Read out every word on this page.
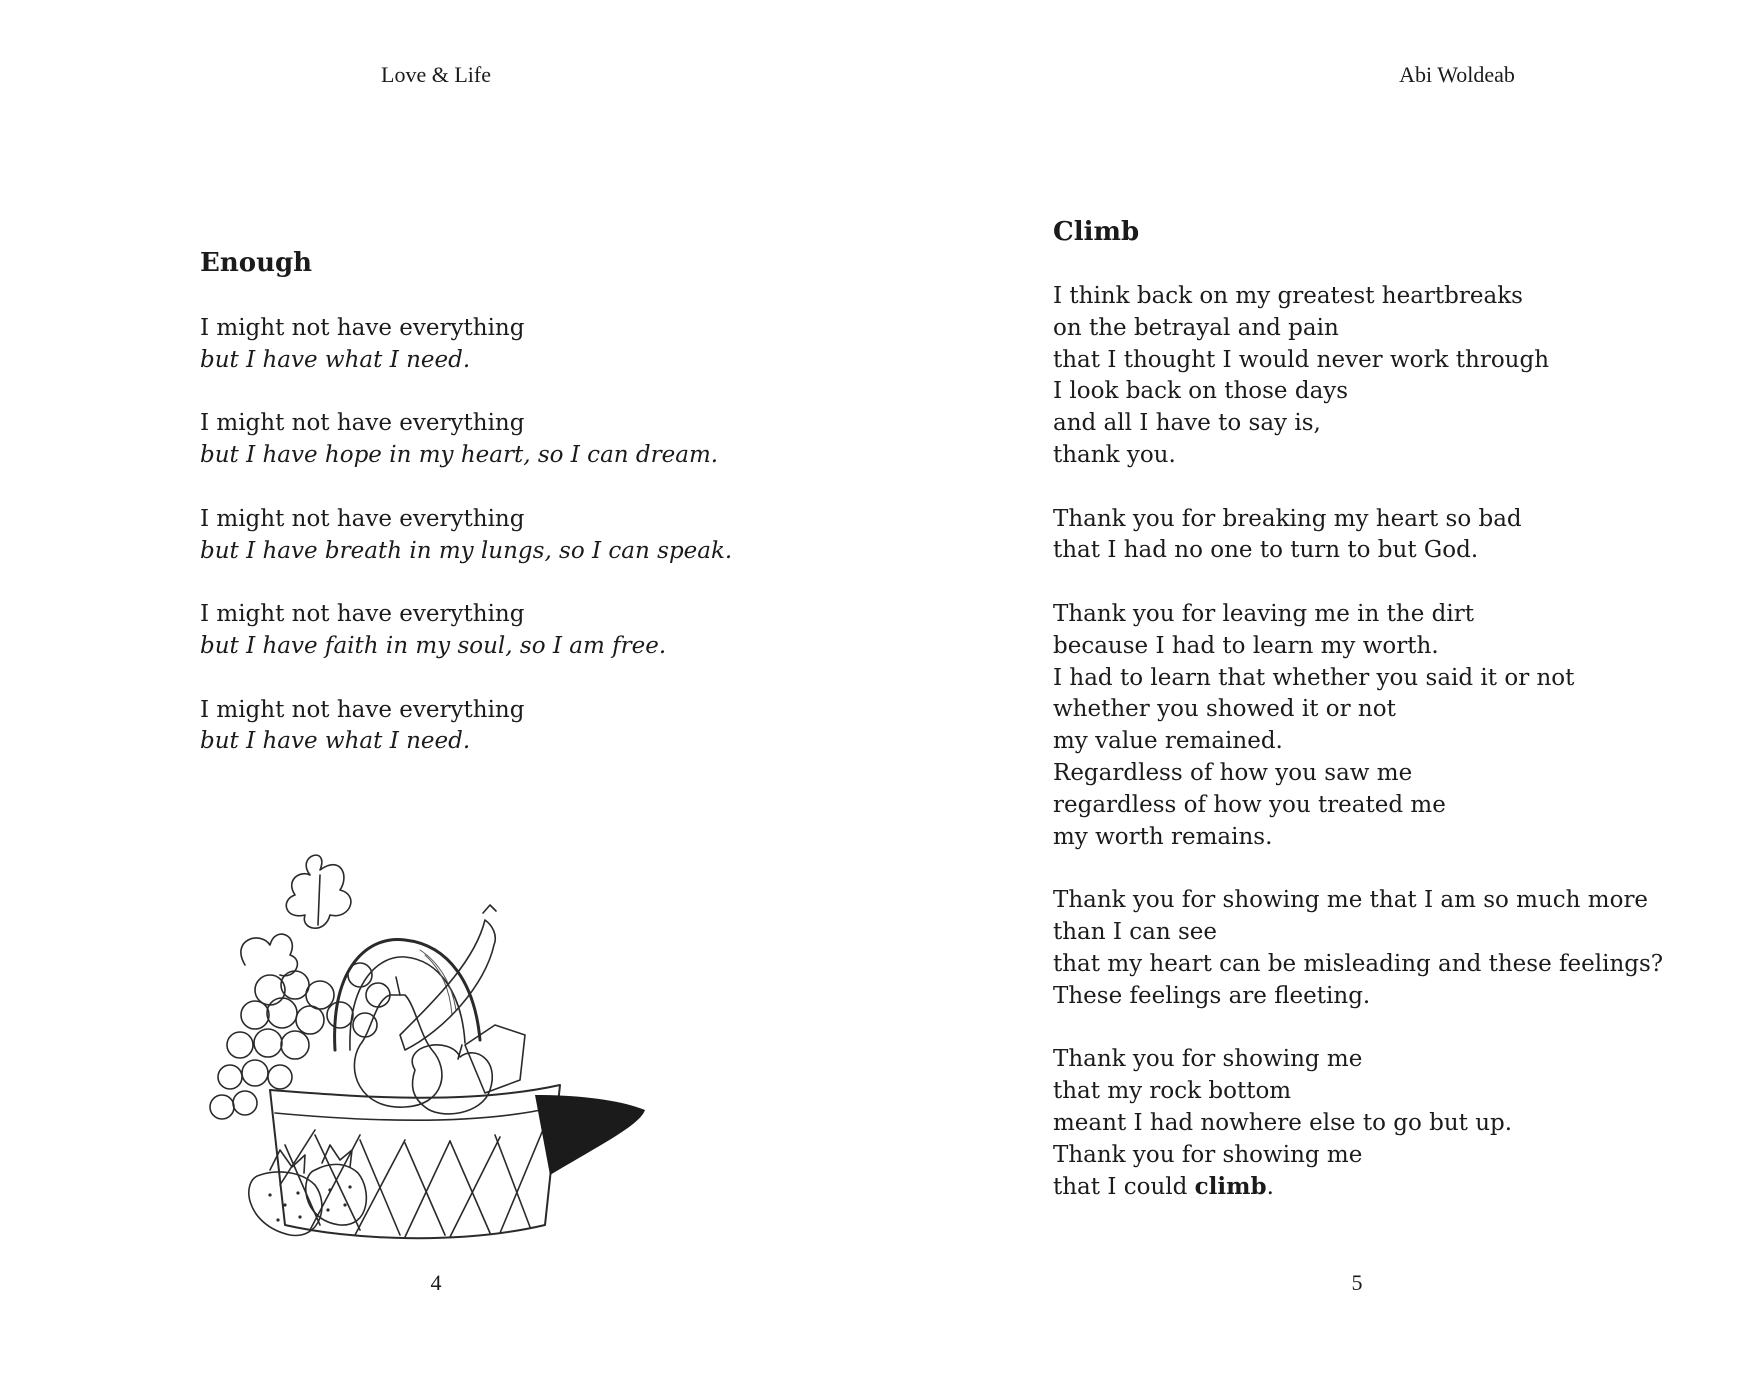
Love & Life
Enough

I might not have everything
but I have what I need.

I might not have everything
but I have hope in my heart, so I can dream.

I might not have everything
but I have breath in my lungs, so I can speak.

I might not have everything
but I have faith in my soul, so I am free.

I might not have everything
but I have what I need.

4
Abi Woldeab
Climb

I think back on my greatest heartbreaks
on the betrayal and pain
that I thought I would never work through
I look back on those days
and all I have to say is,
thank you.

Thank you for breaking my heart so bad
that I had no one to turn to but God.

Thank you for leaving me in the dirt
because I had to learn my worth.
I had to learn that whether you said it or not
whether you showed it or not
my value remained.
Regardless of how you saw me
regardless of how you treated me
my worth remains.

Thank you for showing me that I am so much more
than I can see
that my heart can be misleading and these feelings?
These feelings are fleeting.

Thank you for showing me
that my rock bottom
meant I had nowhere else to go but up.
Thank you for showing me
that I could climb.

5
